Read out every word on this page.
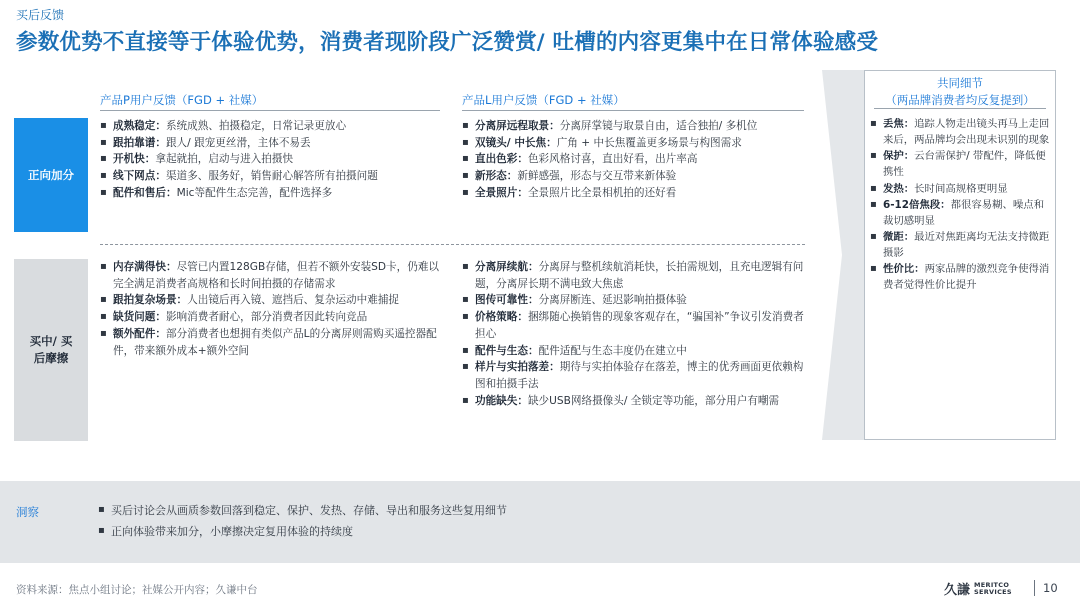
买后反馈
参数优势不直接等于体验优势，消费者现阶段广泛赞赏/ 吐槽的内容更集中在日常体验感受
产品P用户反馈（FGD + 社媒）	产品L用户反馈（FGD + 社媒）
正向加分
买中/ 买后摩擦
▪ 成熟稳定：系统成熟、拍摄稳定，日常记录更放心
▪ 跟拍靠谱：跟人/ 跟宠更丝滑，主体不易丢
▪ 开机快：拿起就拍，启动与进入拍摄快
▪ 线下网点：渠道多、服务好，销售耐心解答所有拍摄问题
▪ 配件和售后：Mic等配件生态完善，配件选择多
▪ 分离屏远程取景：分离屏掌镜与取景自由，适合独拍/ 多机位
▪ 双镜头/ 中长焦：广角 + 中长焦覆盖更多场景与构图需求
▪ 直出色彩：色彩风格讨喜，直出好看，出片率高
▪ 新形态：新鲜感强，形态与交互带来新体验
▪ 全景照片：全景照片比全景相机拍的还好看
▪ 内存满得快：尽管已内置128GB存储，但若不额外安装SD卡，仍难以完全满足消费者高规格和长时间拍摄的存储需求
▪ 跟拍复杂场景：人出镜后再入镜、遮挡后、复杂运动中难捕捉
▪ 缺货问题：影响消费者耐心，部分消费者因此转向竞品
▪ 额外配件：部分消费者也想拥有类似产品L的分离屏则需购买遥控器配件，带来额外成本+额外空间
▪ 分离屏续航：分离屏与整机续航消耗快，长拍需规划，且充电逻辑有问题，分离屏长期不满电致大焦虑
▪ 图传可靠性：分离屏断连、延迟影响拍摄体验
▪ 价格策略：捆绑随心换销售的现象客观存在，“骗国补”争议引发消费者担心
▪ 配件与生态：配件适配与生态丰度仍在建立中
▪ 样片与实拍落差：期待与实拍体验存在落差，博主的优秀画面更依赖构图和拍摄手法
▪ 功能缺失：缺少USB网络摄像头/ 全锁定等功能，部分用户有嘲需
共同细节
（两品牌消费者均反复提到）
▪ 丢焦：追踪人物走出镜头再马上走回来后，两品牌均会出现未识别的现象
▪ 保护：云台需保护/ 带配件，降低便携性
▪ 发热：长时间高规格更明显
▪ 6-12倍焦段：都很容易糊、噪点和裁切感明显
▪ 微距：最近对焦距离均无法支持微距摄影
▪ 性价比：两家品牌的激烈竞争使得消费者觉得性价比提升
洞察
▪	买后讨论会从画质参数回落到稳定、保护、发热、存储、导出和服务这些复用细节
▪ 正向体验带来加分，小摩擦决定复用体验的持续度
资料来源：焦点小组讨论；社媒公开内容；久谦中台	久謙 MERITCO
SERVICES	10
